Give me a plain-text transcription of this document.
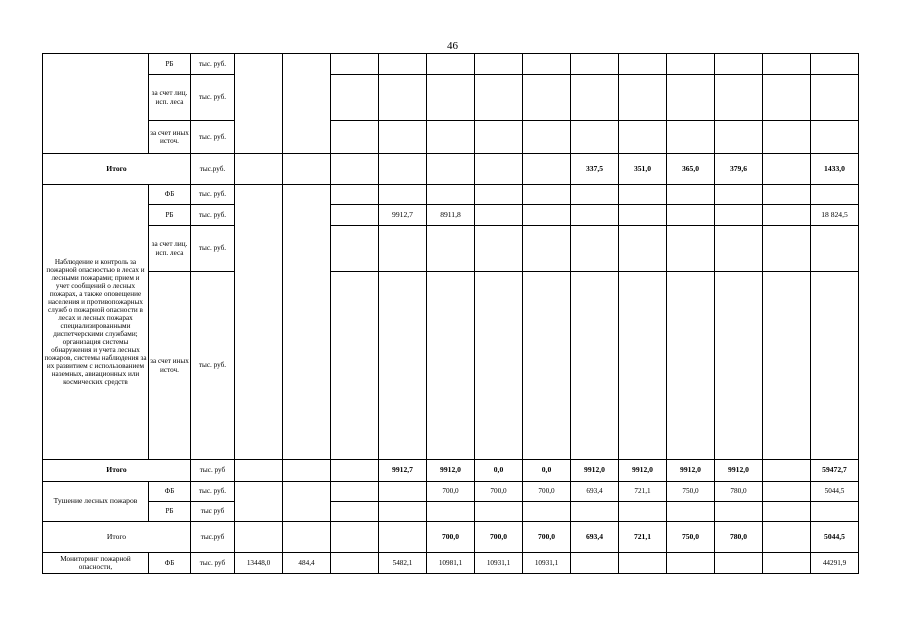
46
	РБ	тыс. руб.													
	за счет лиц. исп. леса	тыс. руб.													
	за счет иных источ.	тыс. руб.													
Итого		тыс.руб.								337,5	351,0	365,0	379,6		1433,0
Наблюдение и контроль за пожарной опасностью в лесах и лесными пожарами; прием и учет сообщений о лесных пожарах, а также оповещение населения и противопожарных служб о пожарной опасности в лесах и лесных пожарах специализированными диспетчерскими службами; организация системы обнаружения и учета лесных пожаров, системы наблюдения за их развитием с использованием наземных, авиационных или космических средств	ФБ	тыс. руб.													
	РБ	тыс. руб.				9912,7	8911,8								18 824,5
	за счет лиц. исп. леса	тыс. руб.													
	за счет иных источ.	тыс. руб.													
Итого		тыс. руб				9912,7	9912,0	0,0	0,0	9912,0	9912,0	9912,0	9912,0		59472,7
Тушение лесных пожаров	ФБ	тыс. руб.					700,0	700,0	700,0	693,4	721,1	750,0	780,0		5044,5
	РБ	тыс руб													
Итого		тыс.руб					700,0	700,0	700,0	693,4	721,1	750,0	780,0		5044,5
Мониторинг пожарной опасности,	ФБ	тыс. руб	13448,0	484,4		5482,1	10981,1	10931,1	10931,1						44291,9
